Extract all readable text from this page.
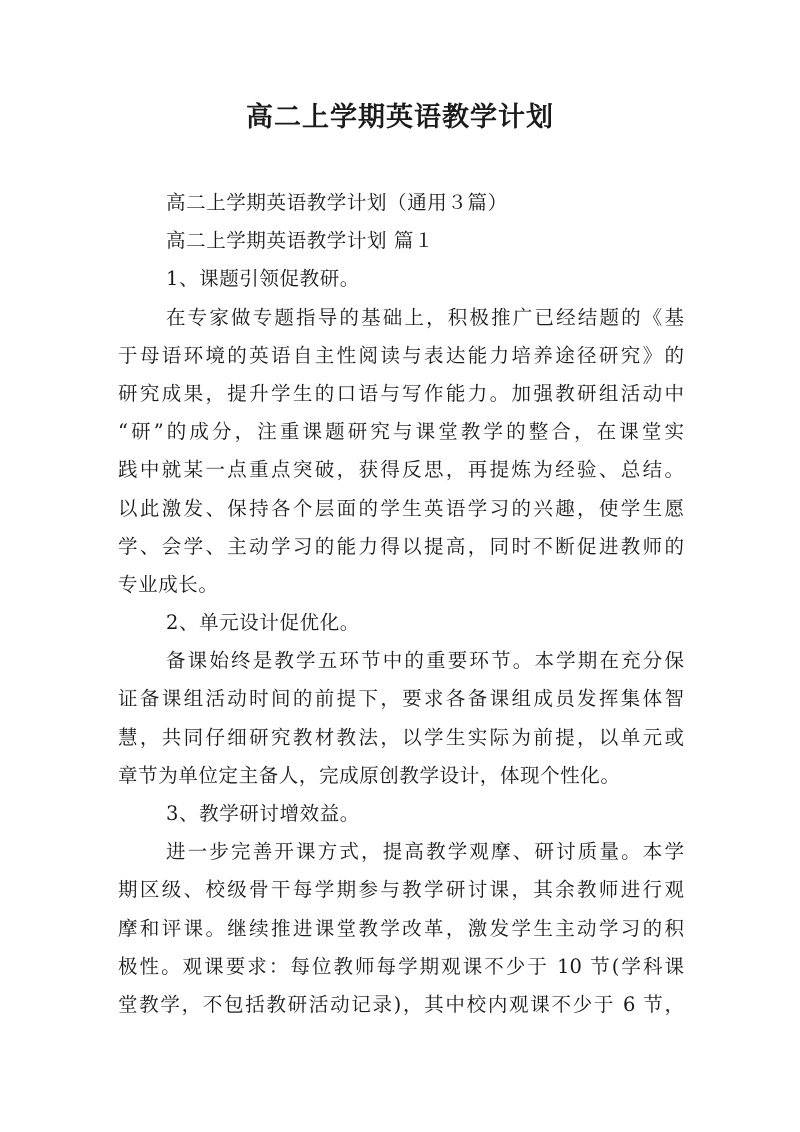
高二上学期英语教学计划
高二上学期英语教学计划（通用３篇）
高二上学期英语教学计划 篇１
1、课题引领促教研。
在专家做专题指导的基础上，积极推广已经结题的《基
于母语环境的英语自主性阅读与表达能力培养途径研究》的
研究成果，提升学生的口语与写作能力。加强教研组活动中
“研”的成分，注重课题研究与课堂教学的整合，在课堂实
践中就某一点重点突破，获得反思，再提炼为经验、总结。
以此激发、保持各个层面的学生英语学习的兴趣，使学生愿
学、会学、主动学习的能力得以提高，同时不断促进教师的
专业成长。
2、单元设计促优化。
备课始终是教学五环节中的重要环节。本学期在充分保
证备课组活动时间的前提下，要求各备课组成员发挥集体智
慧，共同仔细研究教材教法，以学生实际为前提，以单元或
章节为单位定主备人，完成原创教学设计，体现个性化。
3、教学研讨增效益。
进一步完善开课方式，提高教学观摩、研讨质量。本学
期区级、校级骨干每学期参与教学研讨课，其余教师进行观
摩和评课。继续推进课堂教学改革，激发学生主动学习的积
极性。观课要求：每位教师每学期观课不少于 10 节(学科课
堂教学，不包括教研活动记录)，其中校内观课不少于 6 节，
